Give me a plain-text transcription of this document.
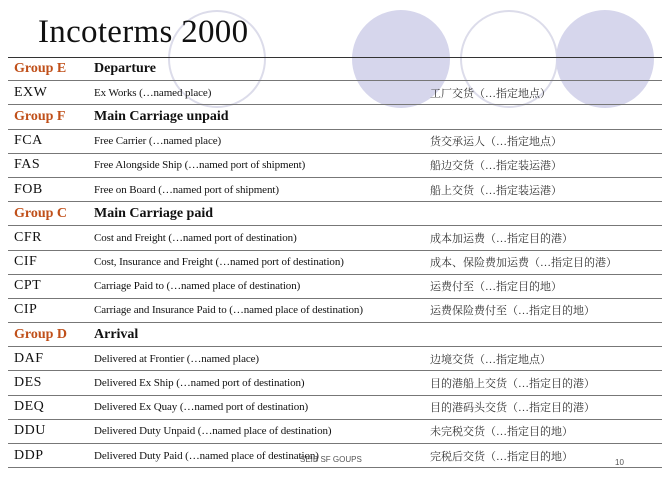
Incoterms 2000
Group E Departure
EXW	Ex Works (…named place)	工厂交货（…指定地点）
Group F Main Carriage unpaid
FCA	Free Carrier (…named place)	货交承运人（…指定地点）
FAS	Free Alongside Ship (…named port of shipment)	船边交货（…指定装运港）
FOB	Free on Board (…named port of shipment)	船上交货（…指定装运港）
Group C Main Carriage paid
CFR	Cost and Freight (…named port of destination)	成本加运费（…指定目的港）
CIF	Cost, Insurance and Freight (…named port of destination)	成本、保险费加运费（…指定目的港）
CPT	Carriage Paid to (…named place of destination)	运费付至（…指定目的地）
CIP	Carriage and Insurance Paid to (…named place of destination)	运费保险费付至（…指定目的地）
Group D Arrival
DAF	Delivered at Frontier (…named place)	边境交货（…指定地点）
DES	Delivered Ex Ship (…named port of destination)	目的港船上交货（…指定目的港）
DEQ	Delivered Ex Quay (…named port of destination)	目的港码头交货（…指定目的港）
DDU	Delivered Duty Unpaid (…named place of destination)	未完税交货（…指定目的地）
DDP	Delivered Duty Paid (…named place of destination)	完税后交货（…指定目的地）
SEIB SF GOUPS	10
